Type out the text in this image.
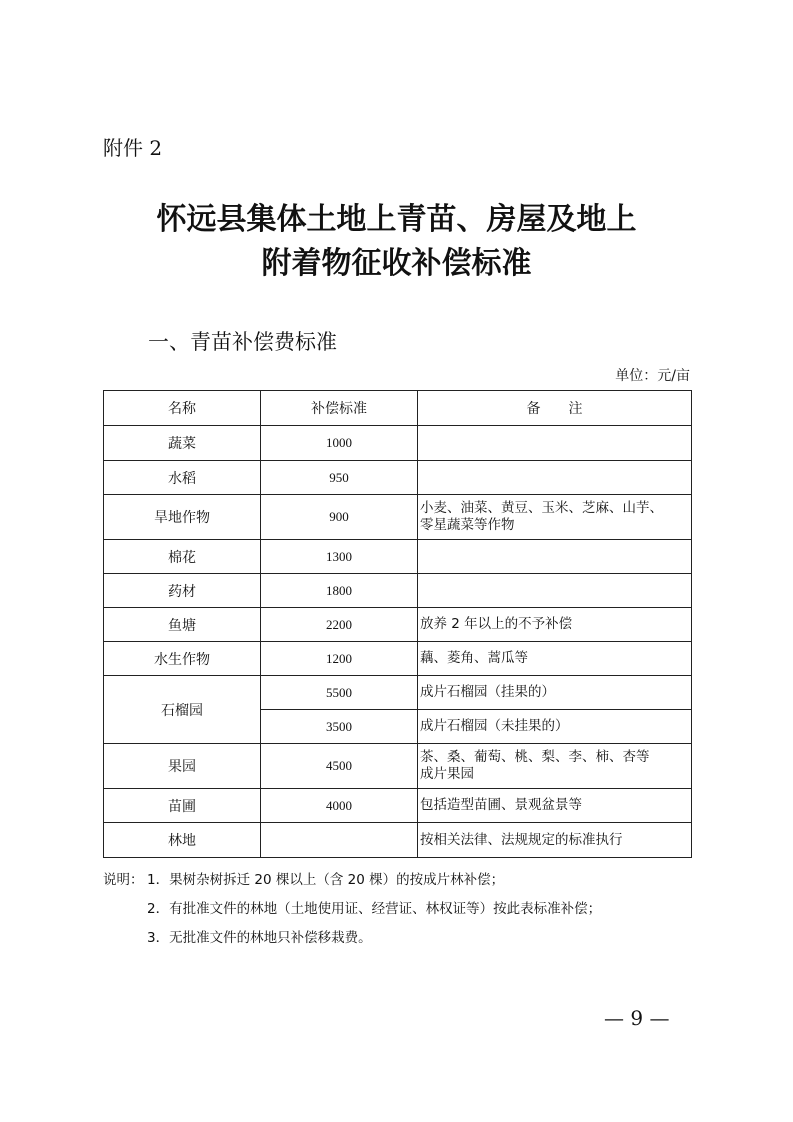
附件 2
怀远县集体土地上青苗、房屋及地上
附着物征收补偿标准
一、青苗补偿费标准
单位：元/亩
名称	补偿标准	备　　注
蔬菜	1000	
水稻	950	
旱地作物	900	小麦、油菜、黄豆、玉米、芝麻、山芋、
零星蔬菜等作物
棉花	1300	
药材	1800	
鱼塘	2200	放养 2 年以上的不予补偿
水生作物	1200	藕、菱角、蒿瓜等
石榴园	5500	成片石榴园（挂果的）
	3500	成片石榴园（未挂果的）
果园	4500	茶、桑、葡萄、桃、梨、李、柿、杏等
成片果园
苗圃	4000	包括造型苗圃、景观盆景等
林地		按相关法律、法规规定的标准执行
说明： 1．果树杂树拆迁 20 棵以上（含 20 棵）的按成片林补偿；
2．有批准文件的林地（土地使用证、经营证、林权证等）按此表标准补偿；
3．无批准文件的林地只补偿移栽费。
— 9 —
